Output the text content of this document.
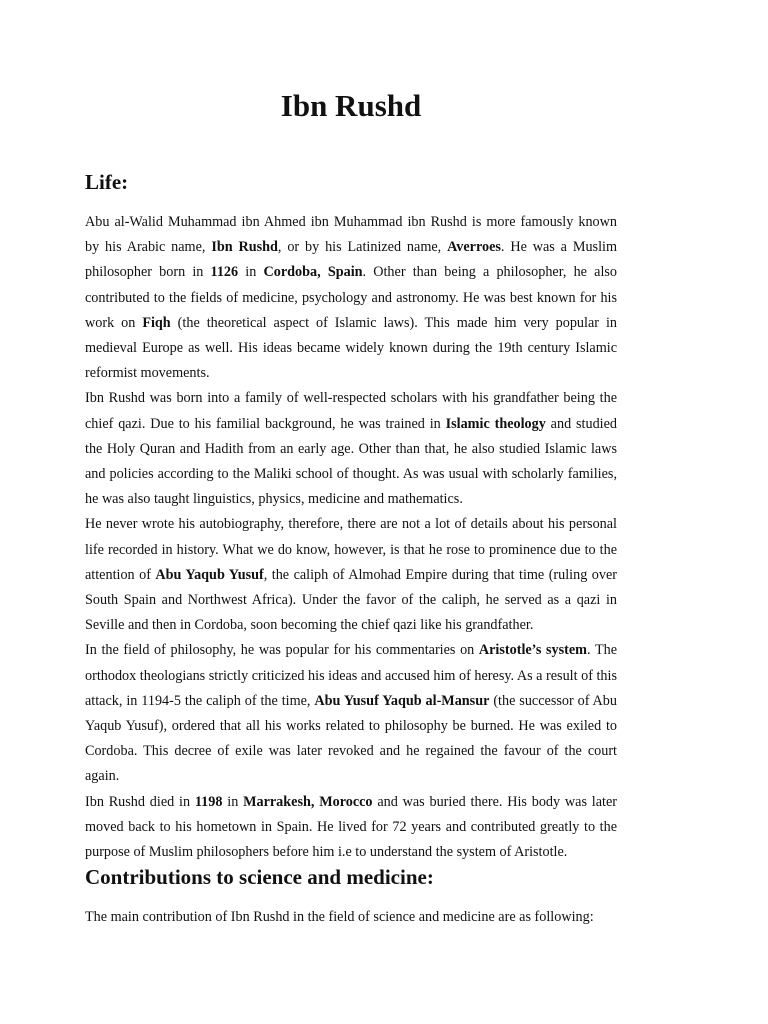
Ibn Rushd
Life:

Abu al-Walid Muhammad ibn Ahmed ibn Muhammad ibn Rushd is more famously known by his Arabic name, Ibn Rushd, or by his Latinized name, Averroes. He was a Muslim philosopher born in 1126 in Cordoba, Spain. Other than being a philosopher, he also contributed to the fields of medicine, psychology and astronomy. He was best known for his work on Fiqh (the theoretical aspect of Islamic laws). This made him very popular in medieval Europe as well. His ideas became widely known during the 19th century Islamic reformist movements.

Ibn Rushd was born into a family of well-respected scholars with his grandfather being the chief qazi. Due to his familial background, he was trained in Islamic theology and studied the Holy Quran and Hadith from an early age. Other than that, he also studied Islamic laws and policies according to the Maliki school of thought. As was usual with scholarly families, he was also taught linguistics, physics, medicine and mathematics.

He never wrote his autobiography, therefore, there are not a lot of details about his personal life recorded in history. What we do know, however, is that he rose to prominence due to the attention of Abu Yaqub Yusuf, the caliph of Almohad Empire during that time (ruling over South Spain and Northwest Africa). Under the favor of the caliph, he served as a qazi in Seville and then in Cordoba, soon becoming the chief qazi like his grandfather.

In the field of philosophy, he was popular for his commentaries on Aristotle’s system. The orthodox theologians strictly criticized his ideas and accused him of heresy. As a result of this attack, in 1194-5 the caliph of the time, Abu Yusuf Yaqub al-Mansur (the successor of Abu Yaqub Yusuf), ordered that all his works related to philosophy be burned. He was exiled to Cordoba. This decree of exile was later revoked and he regained the favour of the court again.

Ibn Rushd died in 1198 in Marrakesh, Morocco and was buried there. His body was later moved back to his hometown in Spain. He lived for 72 years and contributed greatly to the purpose of Muslim philosophers before him i.e to understand the system of Aristotle.

Contributions to science and medicine:

The main contribution of Ibn Rushd in the field of science and medicine are as following:
